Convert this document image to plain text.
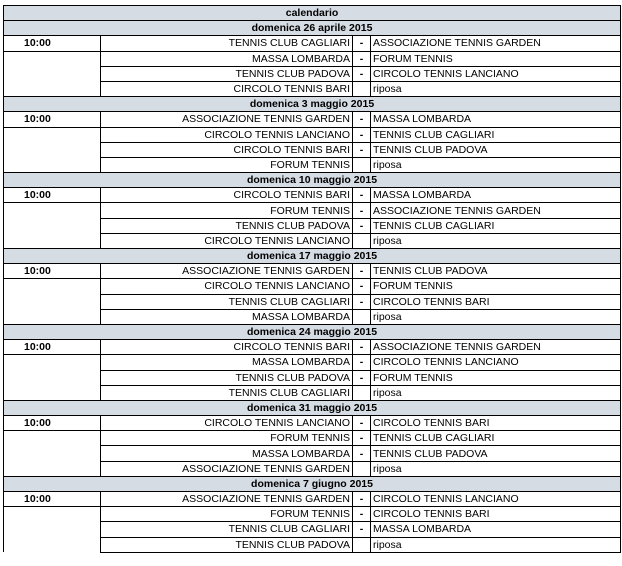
calendario			
domenica 26 aprile 2015			
10:00	TENNIS CLUB CAGLIARI	-	ASSOCIAZIONE TENNIS GARDEN
	MASSA LOMBARDA	-	FORUM TENNIS
	TENNIS CLUB PADOVA	-	CIRCOLO TENNIS LANCIANO
	CIRCOLO TENNIS BARI		riposa
domenica 3 maggio 2015			
10:00	ASSOCIAZIONE TENNIS GARDEN	-	MASSA LOMBARDA
	CIRCOLO TENNIS LANCIANO	-	TENNIS CLUB CAGLIARI
	CIRCOLO TENNIS BARI	-	TENNIS CLUB PADOVA
	FORUM TENNIS		riposa
domenica 10 maggio 2015			
10:00	CIRCOLO TENNIS BARI	-	MASSA LOMBARDA
	FORUM TENNIS	-	ASSOCIAZIONE TENNIS GARDEN
	TENNIS CLUB PADOVA	-	TENNIS CLUB CAGLIARI
	CIRCOLO TENNIS LANCIANO		riposa
domenica 17 maggio 2015			
10:00	ASSOCIAZIONE TENNIS GARDEN	-	TENNIS CLUB PADOVA
	CIRCOLO TENNIS LANCIANO	-	FORUM TENNIS
	TENNIS CLUB CAGLIARI	-	CIRCOLO TENNIS BARI
	MASSA LOMBARDA		riposa
domenica 24 maggio 2015			
10:00	CIRCOLO TENNIS BARI	-	ASSOCIAZIONE TENNIS GARDEN
	MASSA LOMBARDA	-	CIRCOLO TENNIS LANCIANO
	TENNIS CLUB PADOVA	-	FORUM TENNIS
	TENNIS CLUB CAGLIARI		riposa
domenica 31 maggio 2015			
10:00	CIRCOLO TENNIS LANCIANO	-	CIRCOLO TENNIS BARI
	FORUM TENNIS	-	TENNIS CLUB CAGLIARI
	MASSA LOMBARDA	-	TENNIS CLUB PADOVA
	ASSOCIAZIONE TENNIS GARDEN		riposa
domenica 7 giugno 2015			
10:00	ASSOCIAZIONE TENNIS GARDEN	-	CIRCOLO TENNIS LANCIANO
	FORUM TENNIS	-	CIRCOLO TENNIS BARI
	TENNIS CLUB CAGLIARI	-	MASSA LOMBARDA
	TENNIS CLUB PADOVA		riposa
